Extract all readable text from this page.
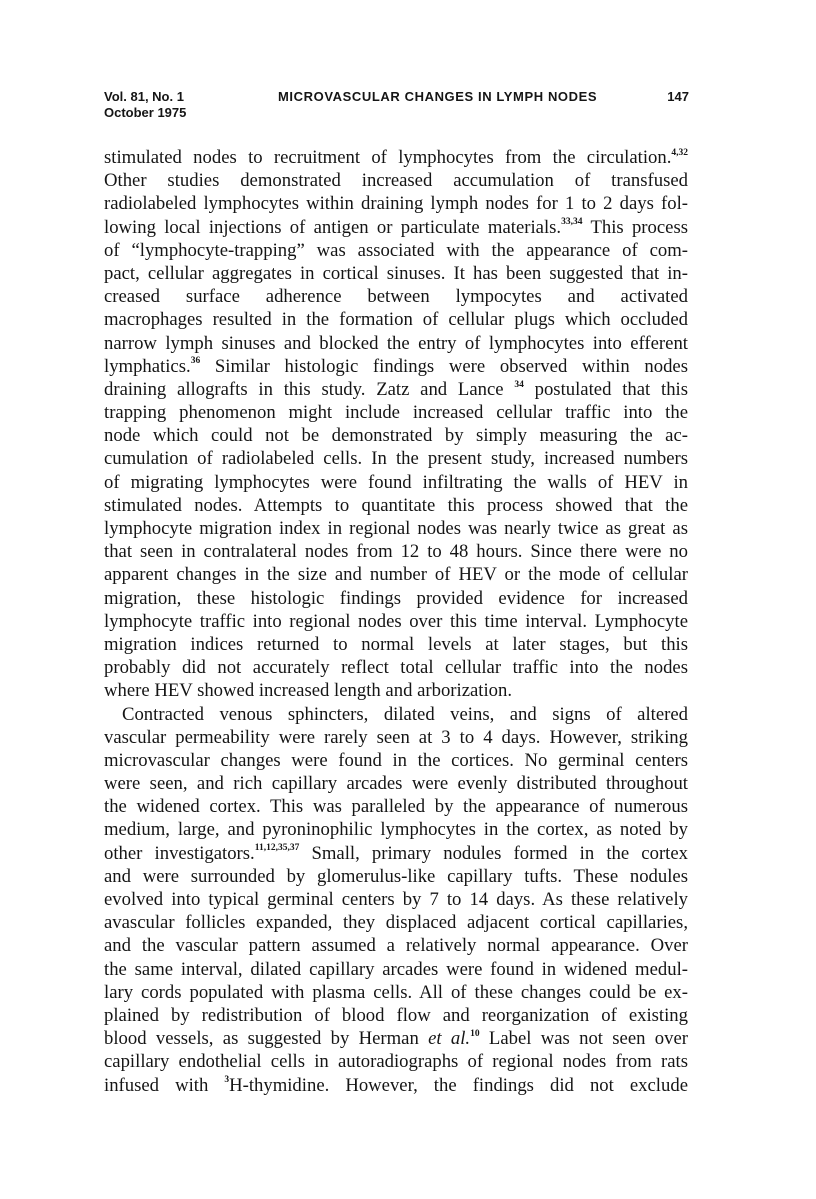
Vol. 81, No. 1
October 1975
MICROVASCULAR CHANGES IN LYMPH NODES	147
stimulated nodes to recruitment of lymphocytes from the circulation.$^{4,32}$
Other studies demonstrated increased accumulation of transfused
radiolabeled lymphocytes within draining lymph nodes for 1 to 2 days fol-
lowing local injections of antigen or particulate materials.$^{33,34}$ This process
of “lymphocyte-trapping” was associated with the appearance of com-
pact, cellular aggregates in cortical sinuses. It has been suggested that in-
creased surface adherence between lympocytes and activated
macrophages resulted in the formation of cellular plugs which occluded
narrow lymph sinuses and blocked the entry of lymphocytes into efferent
lymphatics.$^{36}$ Similar histologic findings were observed within nodes
draining allografts in this study. Zatz and Lance $^{34}$ postulated that this
trapping phenomenon might include increased cellular traffic into the
node which could not be demonstrated by simply measuring the ac-
cumulation of radiolabeled cells. In the present study, increased numbers
of migrating lymphocytes were found infiltrating the walls of HEV in
stimulated nodes. Attempts to quantitate this process showed that the
lymphocyte migration index in regional nodes was nearly twice as great as
that seen in contralateral nodes from 12 to 48 hours. Since there were no
apparent changes in the size and number of HEV or the mode of cellular
migration, these histologic findings provided evidence for increased
lymphocyte traffic into regional nodes over this time interval. Lymphocyte
migration indices returned to normal levels at later stages, but this
probably did not accurately reflect total cellular traffic into the nodes
where HEV showed increased length and arborization.
Contracted venous sphincters, dilated veins, and signs of altered
vascular permeability were rarely seen at 3 to 4 days. However, striking
microvascular changes were found in the cortices. No germinal centers
were seen, and rich capillary arcades were evenly distributed throughout
the widened cortex. This was paralleled by the appearance of numerous
medium, large, and pyroninophilic lymphocytes in the cortex, as noted by
other investigators.$^{11,12,35,37}$ Small, primary nodules formed in the cortex
and were surrounded by glomerulus-like capillary tufts. These nodules
evolved into typical germinal centers by 7 to 14 days. As these relatively
avascular follicles expanded, they displaced adjacent cortical capillaries,
and the vascular pattern assumed a relatively normal appearance. Over
the same interval, dilated capillary arcades were found in widened medul-
lary cords populated with plasma cells. All of these changes could be ex-
plained by redistribution of blood flow and reorganization of existing
blood vessels, as suggested by Herman et al.$^{10}$ Label was not seen over
capillary endothelial cells in autoradiographs of regional nodes from rats
infused with $^3$H-thymidine. However, the findings did not exclude
